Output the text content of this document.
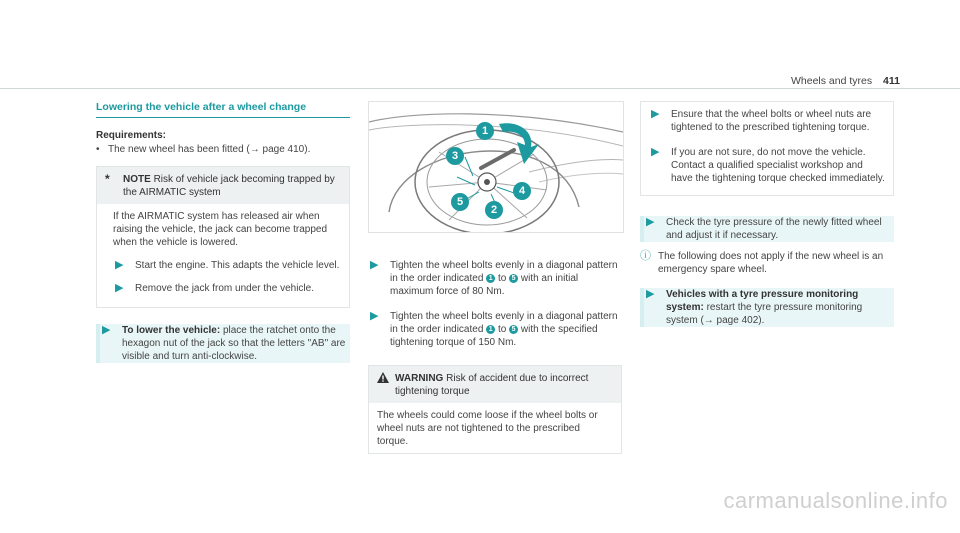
Wheels and tyres 411
Lowering the vehicle after a wheel change
Requirements:
• The new wheel has been fitted (→ page 410).
*	NOTE Risk of vehicle jack becoming trapped by the AIRMATIC system
If the AIRMATIC system has released air when raising the vehicle, the jack can become trapped when the vehicle is lowered.
▶	Start the engine. This adapts the vehicle level.
▶	Remove the jack from under the vehicle.
▶	To lower the vehicle: place the ratchet onto the hexagon nut of the jack so that the letters "AB" are visible and turn anti-clockwise.
1
2
3
4
5
▶	Tighten the wheel bolts evenly in a diagonal pattern in the order indicated 1 to 5 with an initial maximum force of 80 Nm.
▶	Tighten the wheel bolts evenly in a diagonal pattern in the order indicated 1 to 5 with the specified tightening torque of 150 Nm.
WARNING Risk of accident due to incorrect tightening torque
The wheels could come loose if the wheel bolts or wheel nuts are not tightened to the prescribed torque.
▶	Ensure that the wheel bolts or wheel nuts are tightened to the prescribed tightening torque.
▶	If you are not sure, do not move the vehicle. Contact a qualified specialist workshop and have the tightening torque checked immediately.
▶	Check the tyre pressure of the newly fitted wheel and adjust it if necessary.
ⓘ The following does not apply if the new wheel is an emergency spare wheel.
▶	Vehicles with a tyre pressure monitoring system: restart the tyre pressure monitoring system (→ page 402).
carmanualsonline.info
